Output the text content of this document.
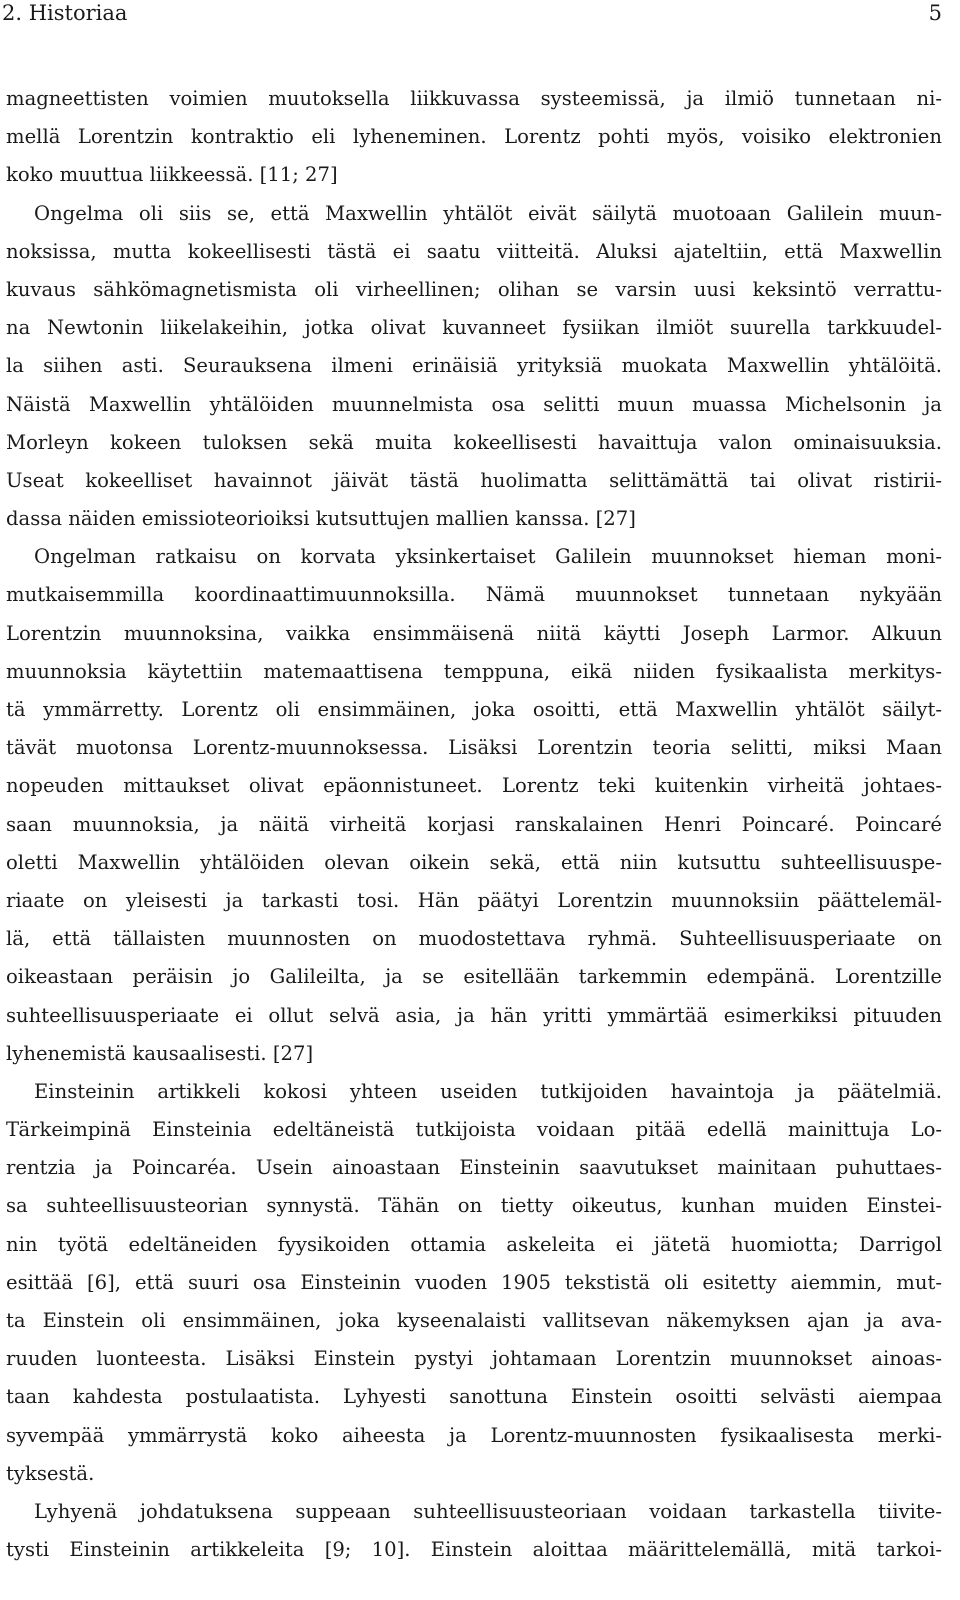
2. Historiaa	5
magneettisten voimien muutoksella liikkuvassa systeemissä, ja ilmiö tunnetaan ni-
mellä Lorentzin kontraktio eli lyheneminen. Lorentz pohti myös, voisiko elektronien
koko muuttua liikkeessä. [11; 27]
Ongelma oli siis se, että Maxwellin yhtälöt eivät säilytä muotoaan Galilein muun-
noksissa, mutta kokeellisesti tästä ei saatu viitteitä. Aluksi ajateltiin, että Maxwellin
kuvaus sähkömagnetismista oli virheellinen; olihan se varsin uusi keksintö verrattu-
na Newtonin liikelakeihin, jotka olivat kuvanneet fysiikan ilmiöt suurella tarkkuudel-
la siihen asti. Seurauksena ilmeni erinäisiä yrityksiä muokata Maxwellin yhtälöitä.
Näistä Maxwellin yhtälöiden muunnelmista osa selitti muun muassa Michelsonin ja
Morleyn kokeen tuloksen sekä muita kokeellisesti havaittuja valon ominaisuuksia.
Useat kokeelliset havainnot jäivät tästä huolimatta selittämättä tai olivat ristirii-
dassa näiden emissioteorioiksi kutsuttujen mallien kanssa. [27]
Ongelman ratkaisu on korvata yksinkertaiset Galilein muunnokset hieman moni-
mutkaisemmilla koordinaattimuunnoksilla. Nämä muunnokset tunnetaan nykyään
Lorentzin muunnoksina, vaikka ensimmäisenä niitä käytti Joseph Larmor. Alkuun
muunnoksia käytettiin matemaattisena temppuna, eikä niiden fysikaalista merkitys-
tä ymmärretty. Lorentz oli ensimmäinen, joka osoitti, että Maxwellin yhtälöt säilyt-
tävät muotonsa Lorentz-muunnoksessa. Lisäksi Lorentzin teoria selitti, miksi Maan
nopeuden mittaukset olivat epäonnistuneet. Lorentz teki kuitenkin virheitä johtaes-
saan muunnoksia, ja näitä virheitä korjasi ranskalainen Henri Poincaré. Poincaré
oletti Maxwellin yhtälöiden olevan oikein sekä, että niin kutsuttu suhteellisuuspe-
riaate on yleisesti ja tarkasti tosi. Hän päätyi Lorentzin muunnoksiin päättelemäl-
lä, että tällaisten muunnosten on muodostettava ryhmä. Suhteellisuusperiaate on
oikeastaan peräisin jo Galileilta, ja se esitellään tarkemmin edempänä. Lorentzille
suhteellisuusperiaate ei ollut selvä asia, ja hän yritti ymmärtää esimerkiksi pituuden
lyhenemistä kausaalisesti. [27]
Einsteinin artikkeli kokosi yhteen useiden tutkijoiden havaintoja ja päätelmiä.
Tärkeimpinä Einsteinia edeltäneistä tutkijoista voidaan pitää edellä mainittuja Lo-
rentzia ja Poincaréa. Usein ainoastaan Einsteinin saavutukset mainitaan puhuttaes-
sa suhteellisuusteorian synnystä. Tähän on tietty oikeutus, kunhan muiden Einstei-
nin työtä edeltäneiden fyysikoiden ottamia askeleita ei jätetä huomiotta; Darrigol
esittää [6], että suuri osa Einsteinin vuoden 1905 tekstistä oli esitetty aiemmin, mut-
ta Einstein oli ensimmäinen, joka kyseenalaisti vallitsevan näkemyksen ajan ja ava-
ruuden luonteesta. Lisäksi Einstein pystyi johtamaan Lorentzin muunnokset ainoas-
taan kahdesta postulaatista. Lyhyesti sanottuna Einstein osoitti selvästi aiempaa
syvempää ymmärrystä koko aiheesta ja Lorentz-muunnosten fysikaalisesta merki-
tyksestä.
Lyhyenä johdatuksena suppeaan suhteellisuusteoriaan voidaan tarkastella tiivite-
tysti Einsteinin artikkeleita [9; 10]. Einstein aloittaa määrittelemällä, mitä tarkoi-
